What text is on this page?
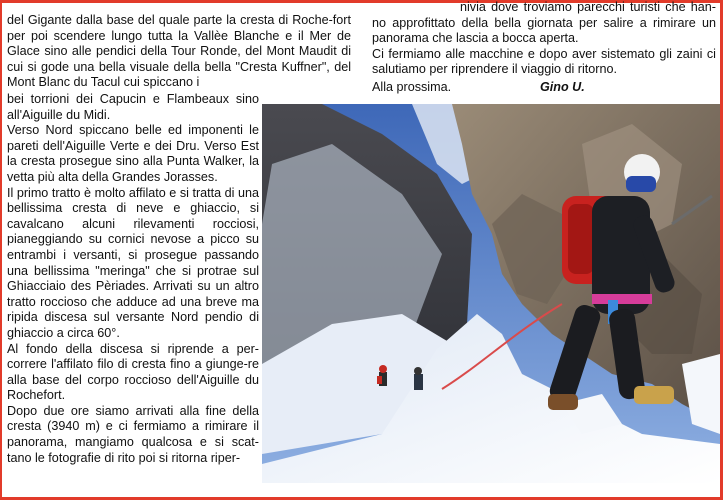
del Gigante dalla base del quale parte la cresta di Roche-fort per poi scendere lungo tutta la Vallèe Blanche e il Mer de Glace sino alle pendici della Tour Ronde, del Mont Maudit di cui si gode una bella visuale della bella "Cresta Kuffner", del Mont Blanc du Tacul cui spiccano i

bei torrioni dei Capucin e Flambeaux sino all'Aiguille du Midi.

Verso Nord spiccano belle ed imponenti le pareti dell'Aiguille Verte e dei Dru. Verso Est la cresta prosegue sino alla Punta Walker, la vetta più alta della Grandes Jorasses.

Il primo tratto è molto affilato e si tratta di una bellissima cresta di neve e ghiaccio, si cavalcano alcuni rilevamenti rocciosi, pianeggiando su cornici nevose a picco su entrambi i versanti, si prosegue passando una bellissima "meringa" che si protrae sul Ghiacciaio des Pèriades. Arrivati su un altro tratto roccioso che adduce ad una breve ma ripida discesa sul versante Nord pendio di ghiaccio a circa 60°.

Al fondo della discesa si riprende a per-correre l'affilato filo di cresta fino a giunge-re alla base del corpo roccioso dell'Aiguille du Rochefort.

Dopo due ore siamo arrivati alla fine della cresta (3940 m) e ci fermiamo a rimirare il panorama, mangiamo qualcosa e si scat-tano le fotografie di rito poi si ritorna riper-

nivia dove troviamo parecchi turisti che han-no approfittato della bella giornata per salire a rimirare un panorama che lascia a bocca aperta.

Ci fermiamo alle macchine e dopo aver sistemato gli zaini ci salutiamo per riprendere il viaggio di ritorno.

Alla prossima.	Gino U.
